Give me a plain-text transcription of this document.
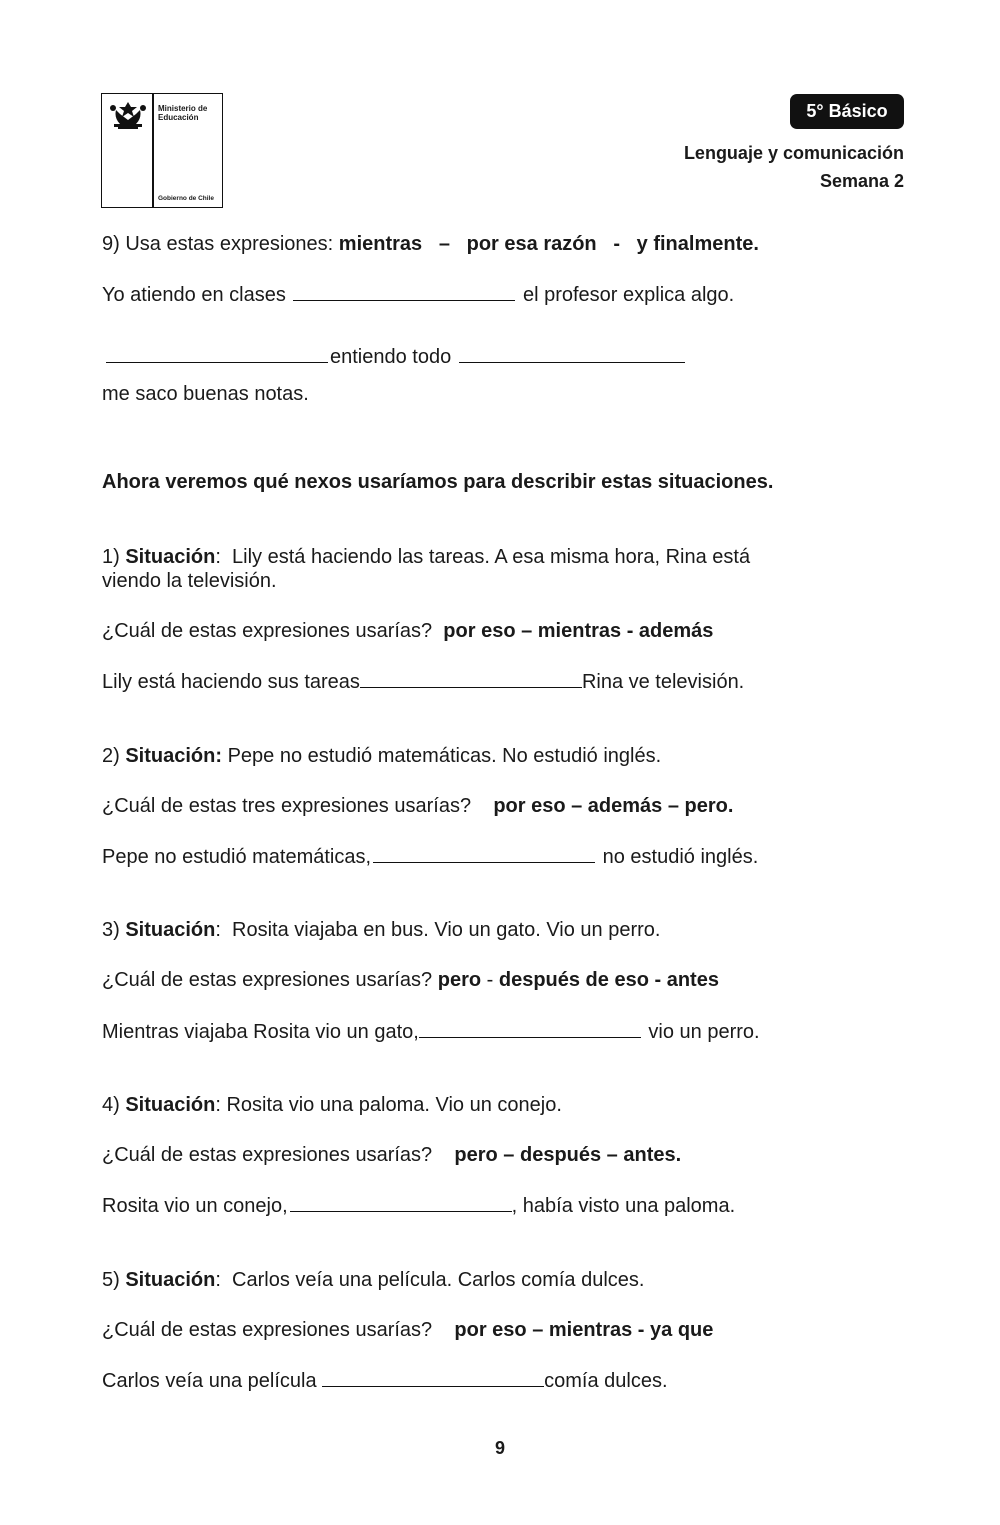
Ministerio de
Educación
Gobierno de Chile
5° Básico
Lenguaje y comunicación
Semana 2
9) Usa estas expresiones: mientras   –   por esa razón   -   y finalmente.
Yo atiendo en clases	el profesor explica algo.
entiendo todo
me saco buenas notas.
Ahora veremos qué nexos usaríamos para describir estas situaciones.
1) Situación:  Lily está haciendo las tareas. A esa misma hora, Rina está
viendo la televisión.
¿Cuál de estas expresiones usarías?  por eso – mientras - además
Lily está haciendo sus tareas	Rina ve televisión.
2) Situación: Pepe no estudió matemáticas. No estudió inglés.
¿Cuál de estas tres expresiones usarías?    por eso – además – pero.
Pepe no estudió matemáticas,	no estudió inglés.
3) Situación:  Rosita viajaba en bus. Vio un gato. Vio un perro.
¿Cuál de estas expresiones usarías? pero - después de eso - antes
Mientras viajaba Rosita vio un gato,	vio un perro.
4) Situación: Rosita vio una paloma. Vio un conejo.
¿Cuál de estas expresiones usarías?    pero – después – antes.
Rosita vio un conejo,	, había visto una paloma.
5) Situación:  Carlos veía una película. Carlos comía dulces.
¿Cuál de estas expresiones usarías?    por eso – mientras - ya que
Carlos veía una película	comía dulces.
9
